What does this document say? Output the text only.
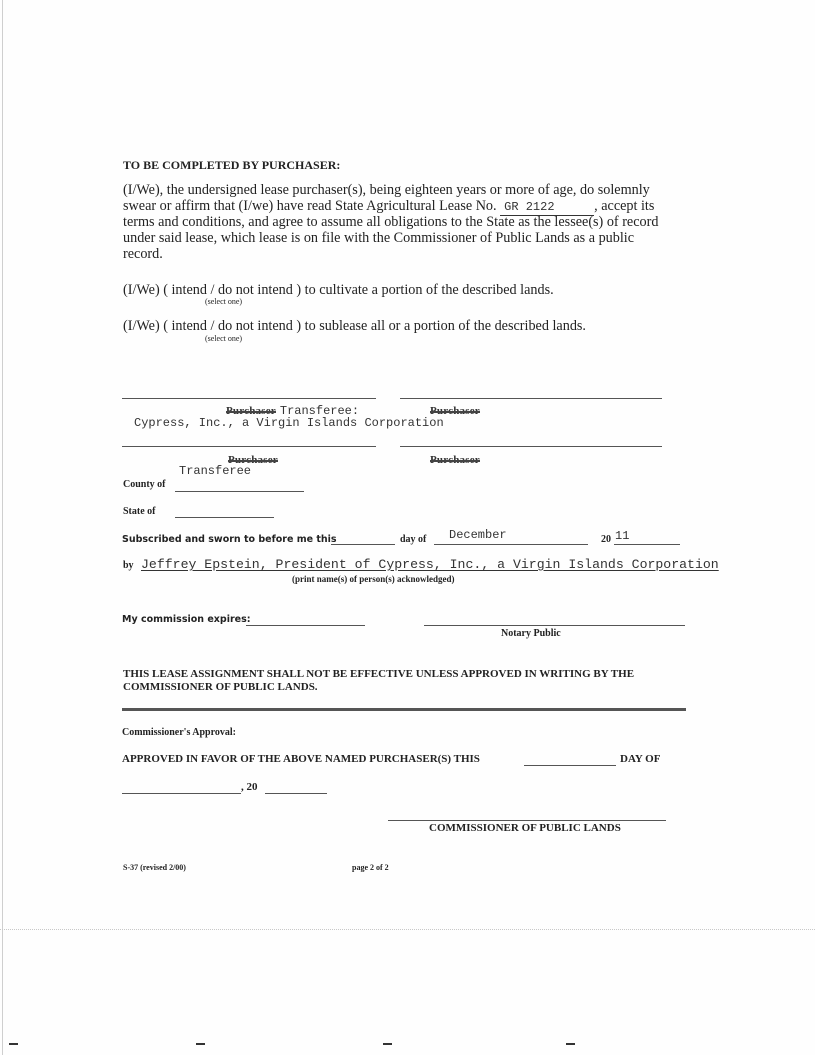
TO BE COMPLETED BY PURCHASER:
(I/We), the undersigned lease purchaser(s), being eighteen years or more of age, do solemnly
swear or affirm that (I/we) have read State Agricultural Lease No. GR 2122	, accept its
terms and conditions, and agree to assume all obligations to the State as the lessee(s) of record
under said lease, which lease is on file with the Commissioner of Public Lands as a public
record.
(I/We) ( intend / do not intend ) to cultivate a portion of the described lands.
(select one)
(I/We) ( intend / do not intend ) to sublease all or a portion of the described lands.
(select one)
Purchaser Transferee:	Purchaser
Cypress, Inc., a Virgin Islands Corporation
Purchaser	Purchaser
Transferee
County of
State of
Subscribed and sworn to before me this	day of December	20 11
by Jeffrey Epstein, President of Cypress, Inc., a Virgin Islands Corporation
(print name(s) of person(s) acknowledged)
My commission expires:
Notary Public
THIS LEASE ASSIGNMENT SHALL NOT BE EFFECTIVE UNLESS APPROVED IN WRITING BY THE
COMMISSIONER OF PUBLIC LANDS.
Commissioner's Approval:
APPROVED IN FAVOR OF THE ABOVE NAMED PURCHASER(S) THIS	DAY OF
, 20
COMMISSIONER OF PUBLIC LANDS
S-37 (revised 2/00)	page 2 of 2
